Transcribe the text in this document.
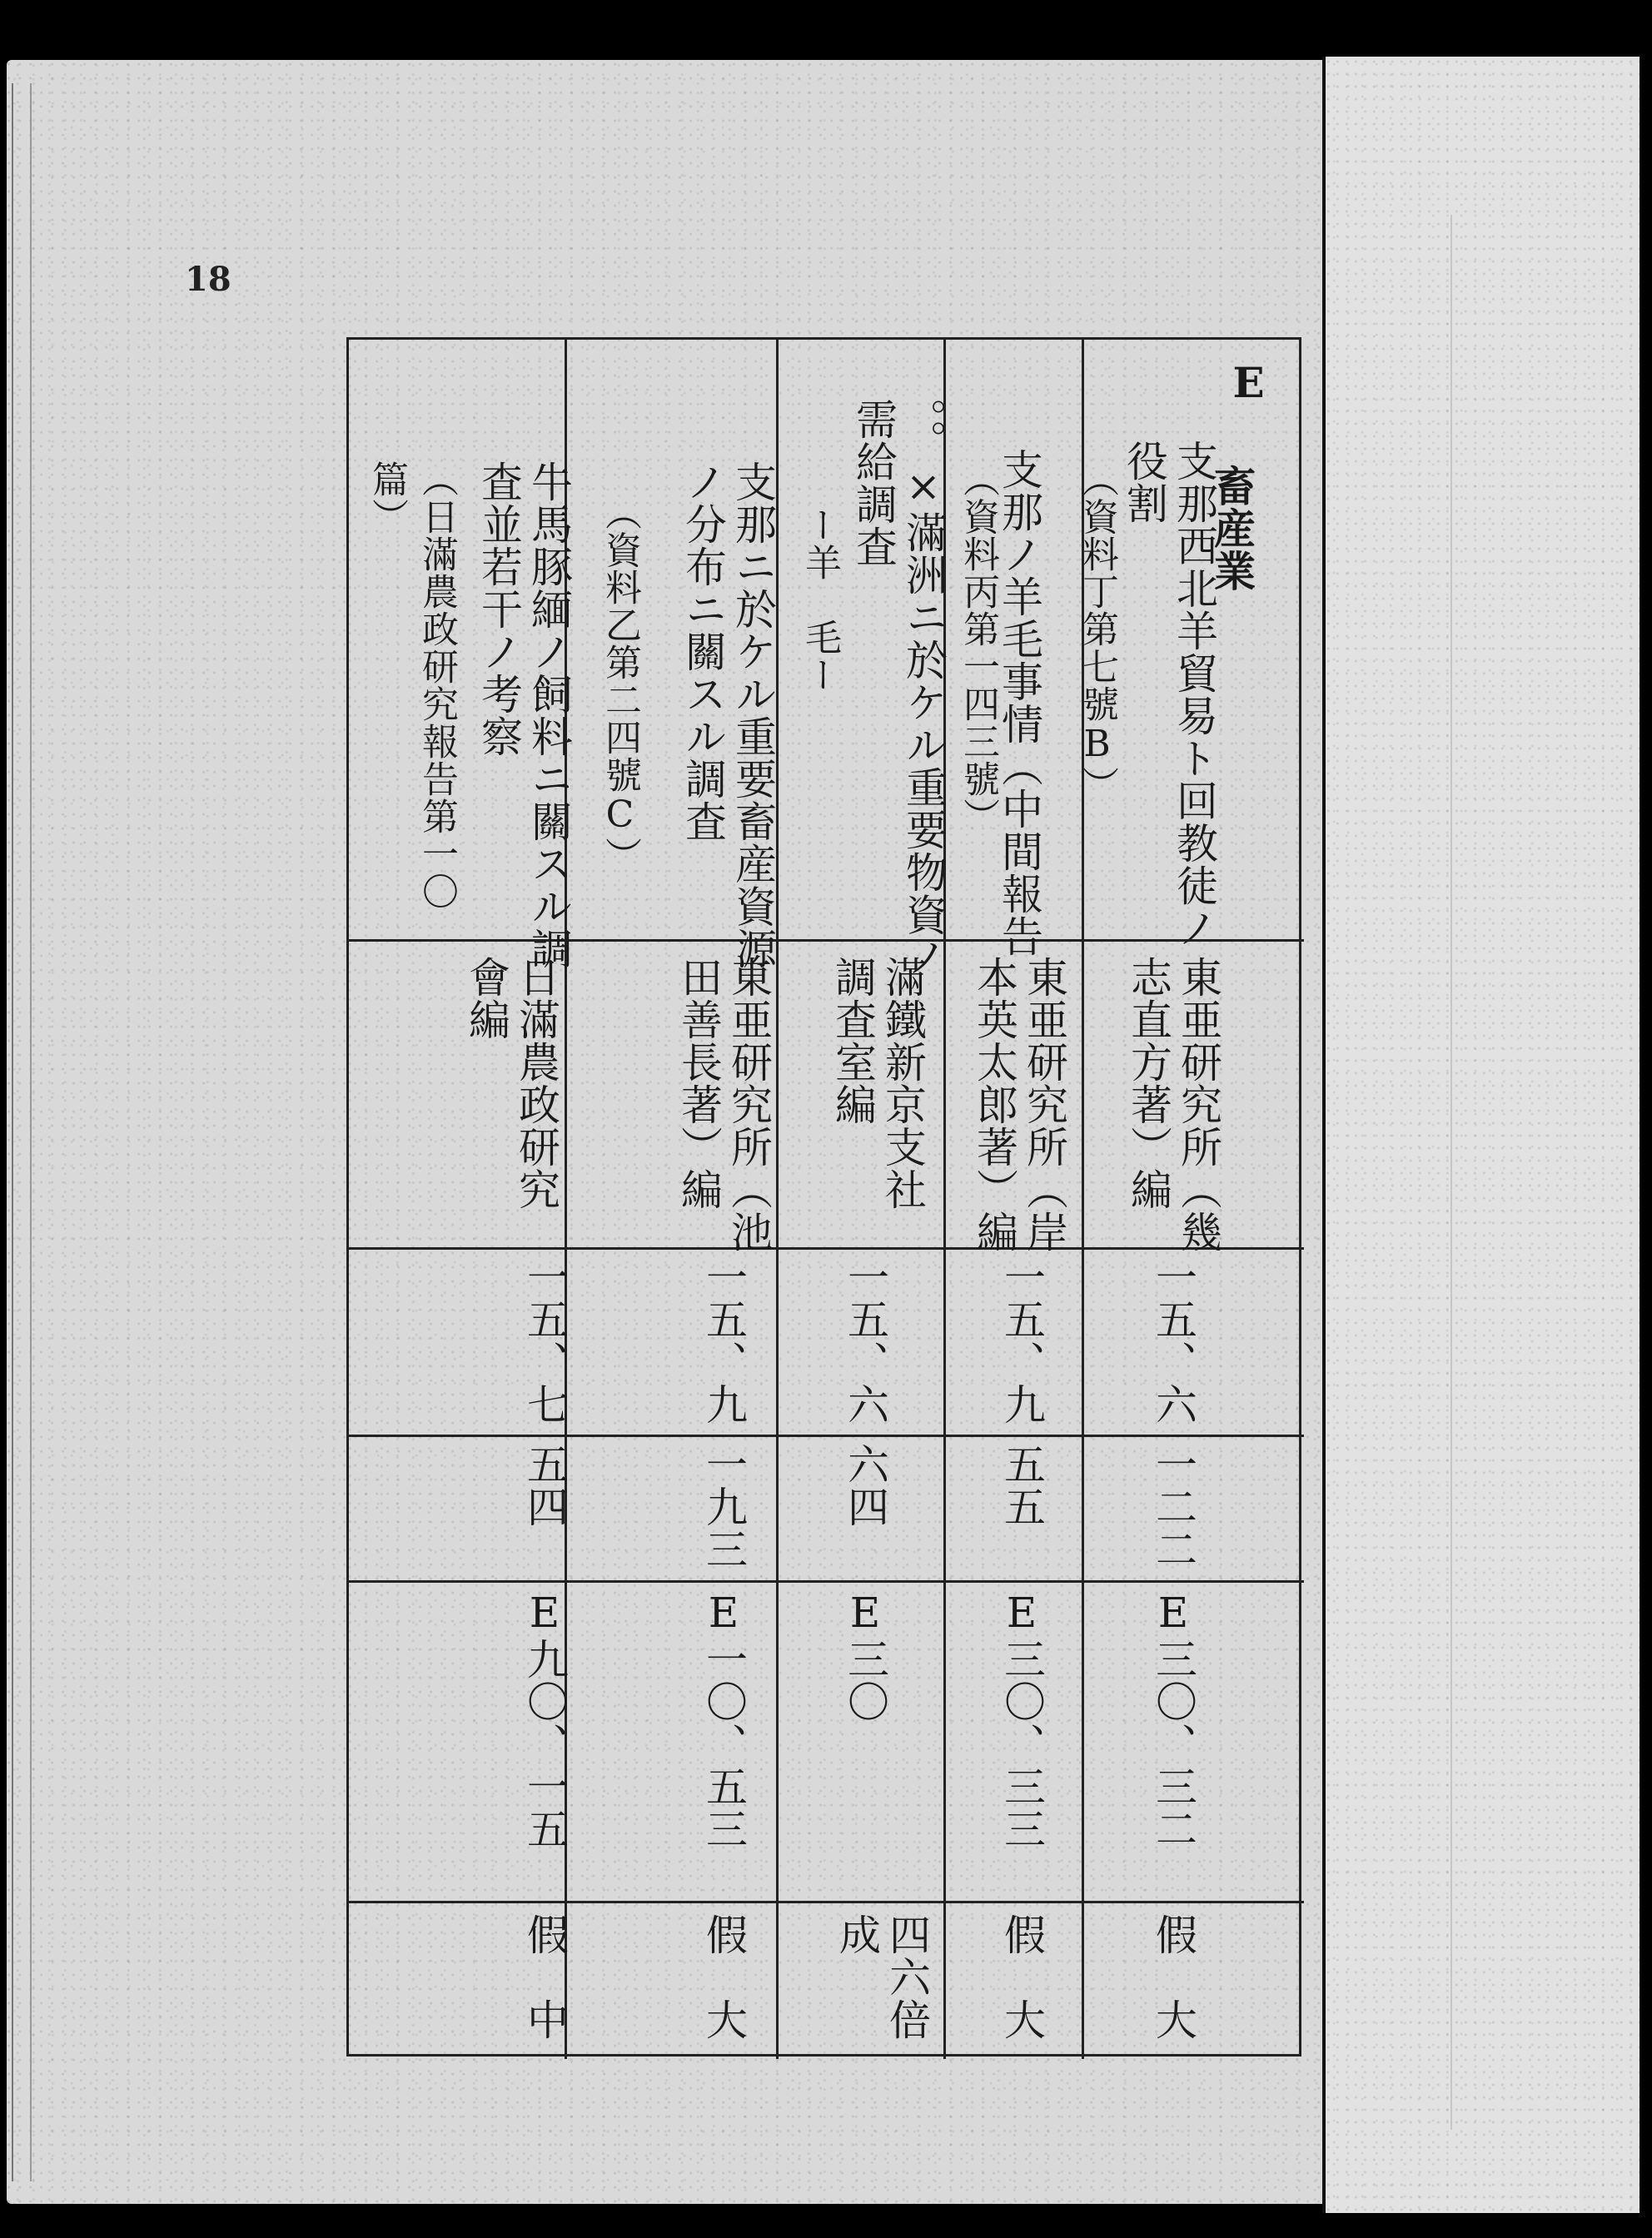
18
E
畜産業
支那西北羊貿易ト回教徒ノ
役割
（資料丁第七號B）
東亜研究所（幾
志直方著）編
一五、六
一二二
E三〇、三二
假　大
支那ノ羊毛事情（中間報告
（資料丙第一四三號）
東亜研究所（岸
本英太郎著）編
一五、九
五五
E三〇、三三
假　大
。。×滿洲ニ於ケル重要物資ノ
需給調査
ー羊　毛ー
滿鐵新京支社
調査室編
一五、六
六四
E三〇
四六倍
成
支那ニ於ケル重要畜産資源
ノ分布ニ關スル調査
（資料乙第二四號C）
東亜研究所（池
田善長著）編
一五、九
一九三
E一〇、五三
假　大
牛馬豚緬ノ飼料ニ關スル調
査並若干ノ考察
（日滿農政研究報告第一〇
篇）
日滿農政研究
會編
一五、七
五四
E九〇、一五
假　中
